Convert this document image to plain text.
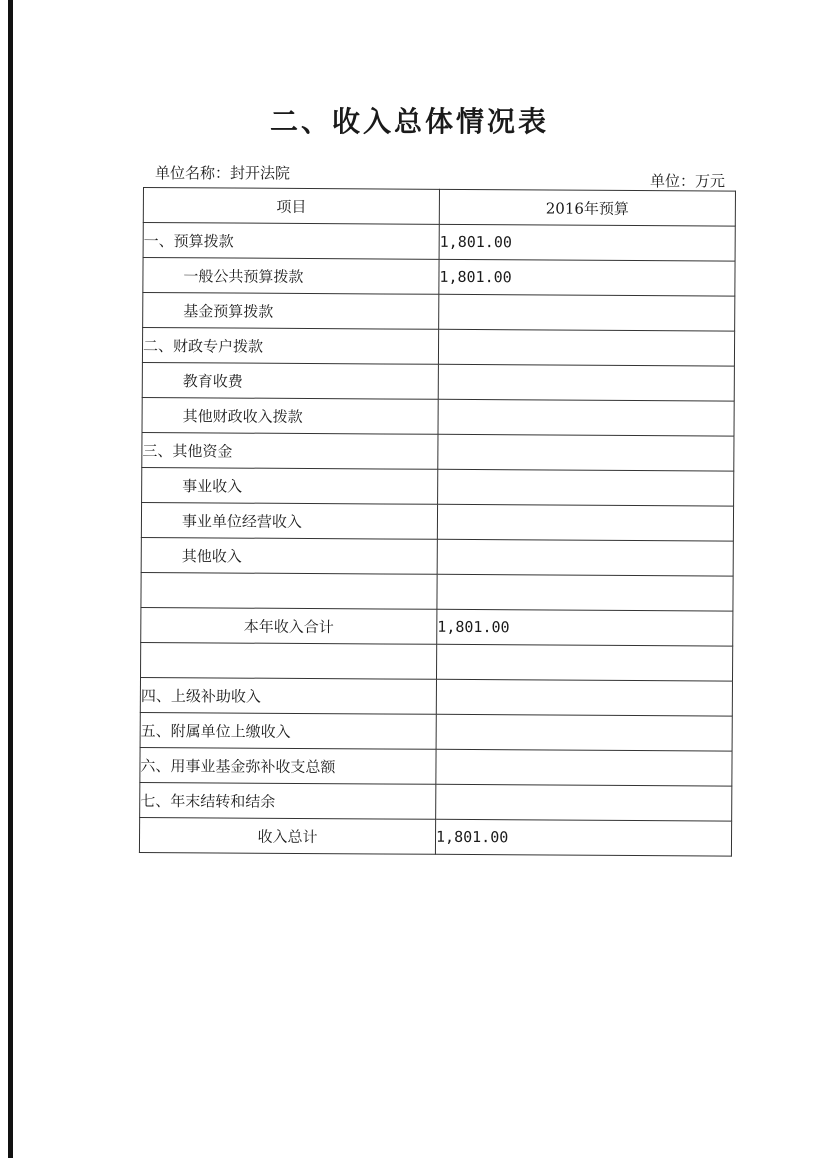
二、收入总体情况表
单位名称：封开法院	单位：万元
项目	2016年预算
一、预算拨款	1,801.00
一般公共预算拨款	1,801.00
基金预算拨款	
二、财政专户拨款	
教育收费	
其他财政收入拨款	
三、其他资金	
事业收入	
事业单位经营收入	
其他收入	

本年收入合计	1,801.00

四、上级补助收入	
五、附属单位上缴收入	
六、用事业基金弥补收支总额	
七、年末结转和结余	
收入总计	1,801.00
